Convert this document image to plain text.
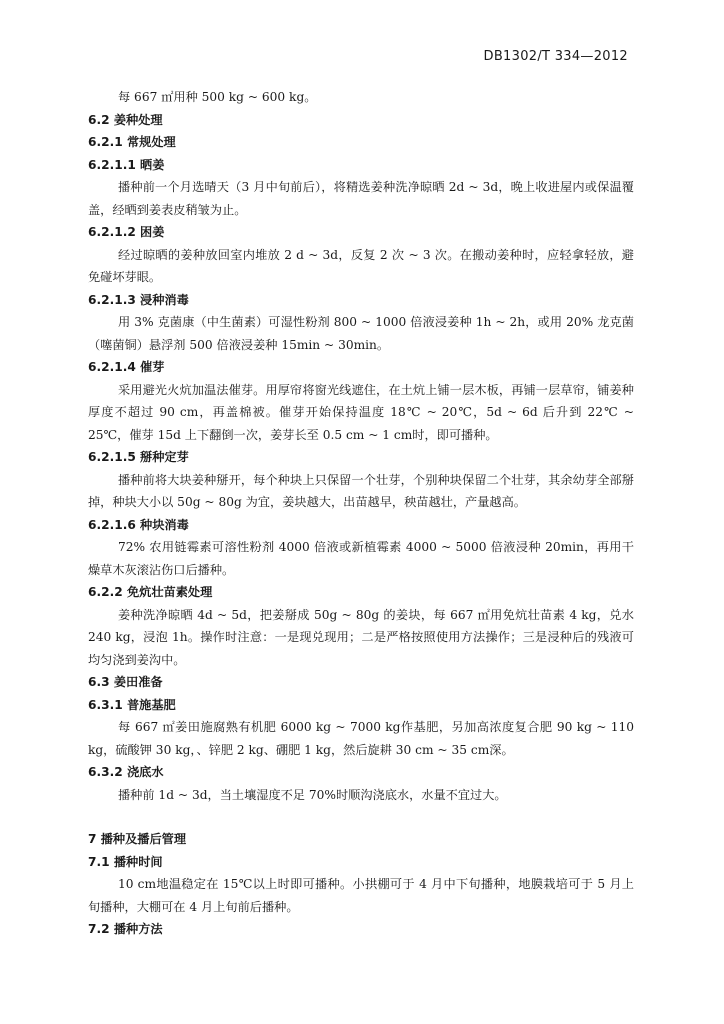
DB1302/T 334—2012
每 667 ㎡用种 500 kg ~ 600 kg。
6.2 姜种处理
6.2.1 常规处理
6.2.1.1 晒姜
播种前一个月选晴天（3 月中旬前后），将精选姜种洗净晾晒 2d ~ 3d，晚上收进屋内或保温覆盖，经晒到姜表皮稍皱为止。
6.2.1.2 困姜
经过晾晒的姜种放回室内堆放 2 d ~ 3d，反复 2 次 ~ 3 次。在搬动姜种时，应轻拿轻放，避免碰坏芽眼。
6.2.1.3 浸种消毒
用 3% 克菌康（中生菌素）可湿性粉剂 800 ~ 1000 倍液浸姜种 1h ~ 2h，或用 20% 龙克菌（噻菌铜）悬浮剂 500 倍液浸姜种 15min ~ 30min。
6.2.1.4 催芽
采用避光火炕加温法催芽。用厚帘将窗光线遮住，在土炕上铺一层木板，再铺一层草帘，铺姜种厚度不超过 90 cm，再盖棉被。催芽开始保持温度 18℃ ~ 20℃，5d ~ 6d 后升到 22℃ ~ 25℃，催芽 15d 上下翻倒一次，姜芽长至 0.5 cm ~ 1 cm时，即可播种。
6.2.1.5 掰种定芽
播种前将大块姜种掰开，每个种块上只保留一个壮芽，个别种块保留二个壮芽，其余幼芽全部掰掉，种块大小以 50g ~ 80g 为宜，姜块越大，出苗越早，秧苗越壮，产量越高。
6.2.1.6 种块消毒
72% 农用链霉素可溶性粉剂 4000 倍液或新植霉素 4000 ~ 5000 倍液浸种 20min，再用干燥草木灰滚沾伤口后播种。
6.2.2 免炕壮苗素处理
姜种洗净晾晒 4d ~ 5d，把姜掰成 50g ~ 80g 的姜块，每 667 ㎡用免炕壮苗素 4 kg，兑水 240 kg，浸泡 1h。操作时注意：一是现兑现用；二是严格按照使用方法操作；三是浸种后的残液可均匀浇到姜沟中。
6.3 姜田准备
6.3.1 普施基肥
每 667 ㎡姜田施腐熟有机肥 6000 kg ~ 7000 kg作基肥，另加高浓度复合肥 90 kg ~ 110 kg，硫酸钾 30 kg，、锌肥 2 kg、硼肥 1 kg，然后旋耕 30 cm ~ 35 cm深。
6.3.2 浇底水
播种前 1d ~ 3d，当土壤湿度不足 70%时顺沟浇底水，水量不宜过大。
7 播种及播后管理
7.1 播种时间
10 cm地温稳定在 15℃以上时即可播种。小拱棚可于 4 月中下旬播种，地膜栽培可于 5 月上旬播种，大棚可在 4 月上旬前后播种。
7.2 播种方法
